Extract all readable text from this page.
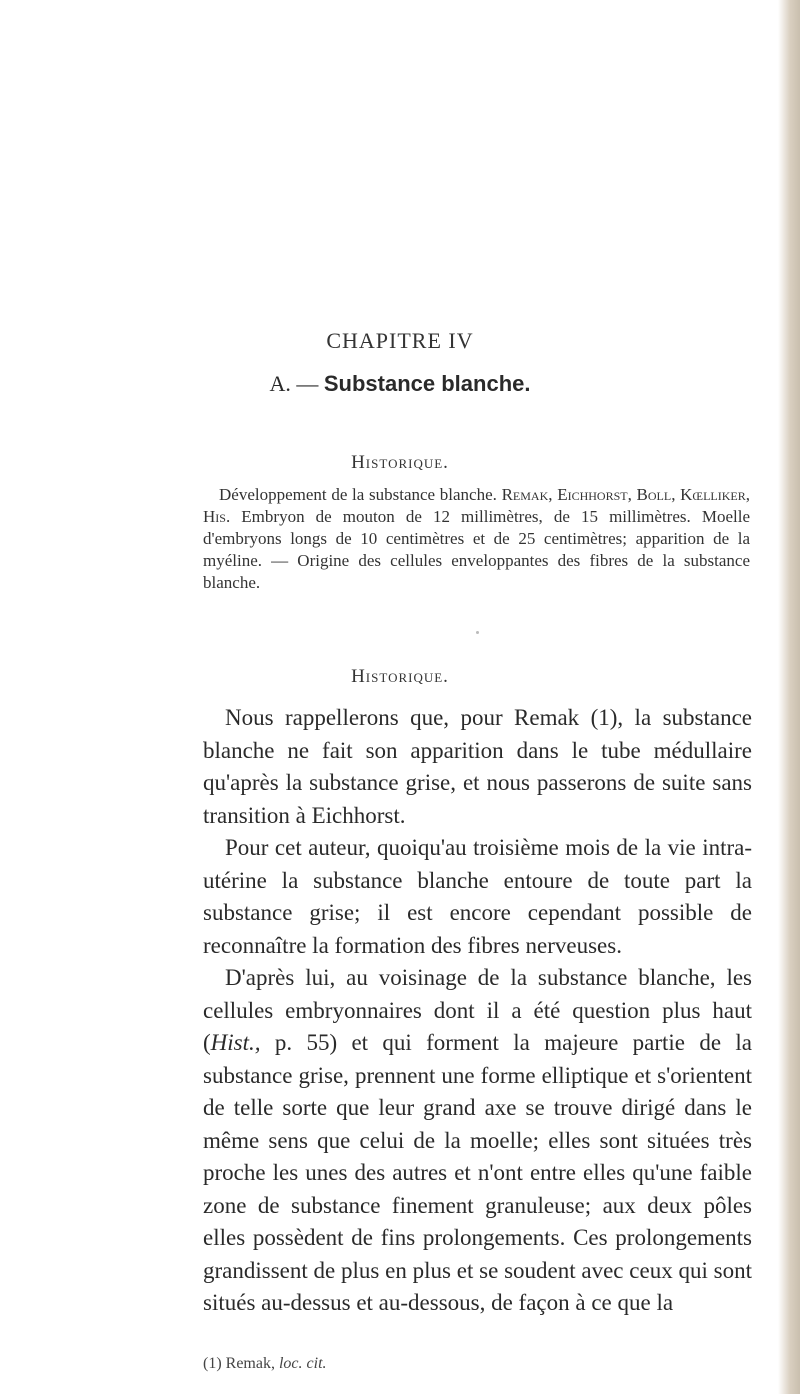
CHAPITRE IV
A. — Substance blanche.
Historique.

Développement de la substance blanche. Remak, Eichhorst, Boll, Kœlliker, His. Embryon de mouton de 12 millimètres, de 15 millimètres. Moelle d'embryons longs de 10 centimètres et de 25 centimètres; apparition de la myéline. — Origine des cellules enveloppantes des fibres de la substance blanche.

Historique.

Nous rappellerons que, pour Remak (1), la substance blanche ne fait son apparition dans le tube médullaire qu'après la substance grise, et nous passerons de suite sans transition à Eichhorst.

Pour cet auteur, quoiqu'au troisième mois de la vie intra-utérine la substance blanche entoure de toute part la substance grise; il est encore cependant possible de reconnaître la formation des fibres nerveuses.

D'après lui, au voisinage de la substance blanche, les cellules embryonnaires dont il a été question plus haut (Hist., p. 55) et qui forment la majeure partie de la substance grise, prennent une forme elliptique et s'orientent de telle sorte que leur grand axe se trouve dirigé dans le même sens que celui de la moelle; elles sont situées très proche les unes des autres et n'ont entre elles qu'une faible zone de substance finement granuleuse; aux deux pôles elles possèdent de fins prolongements. Ces prolongements grandissent de plus en plus et se soudent avec ceux qui sont situés au-dessus et au-dessous, de façon à ce que la

(1) Remak, loc. cit.
